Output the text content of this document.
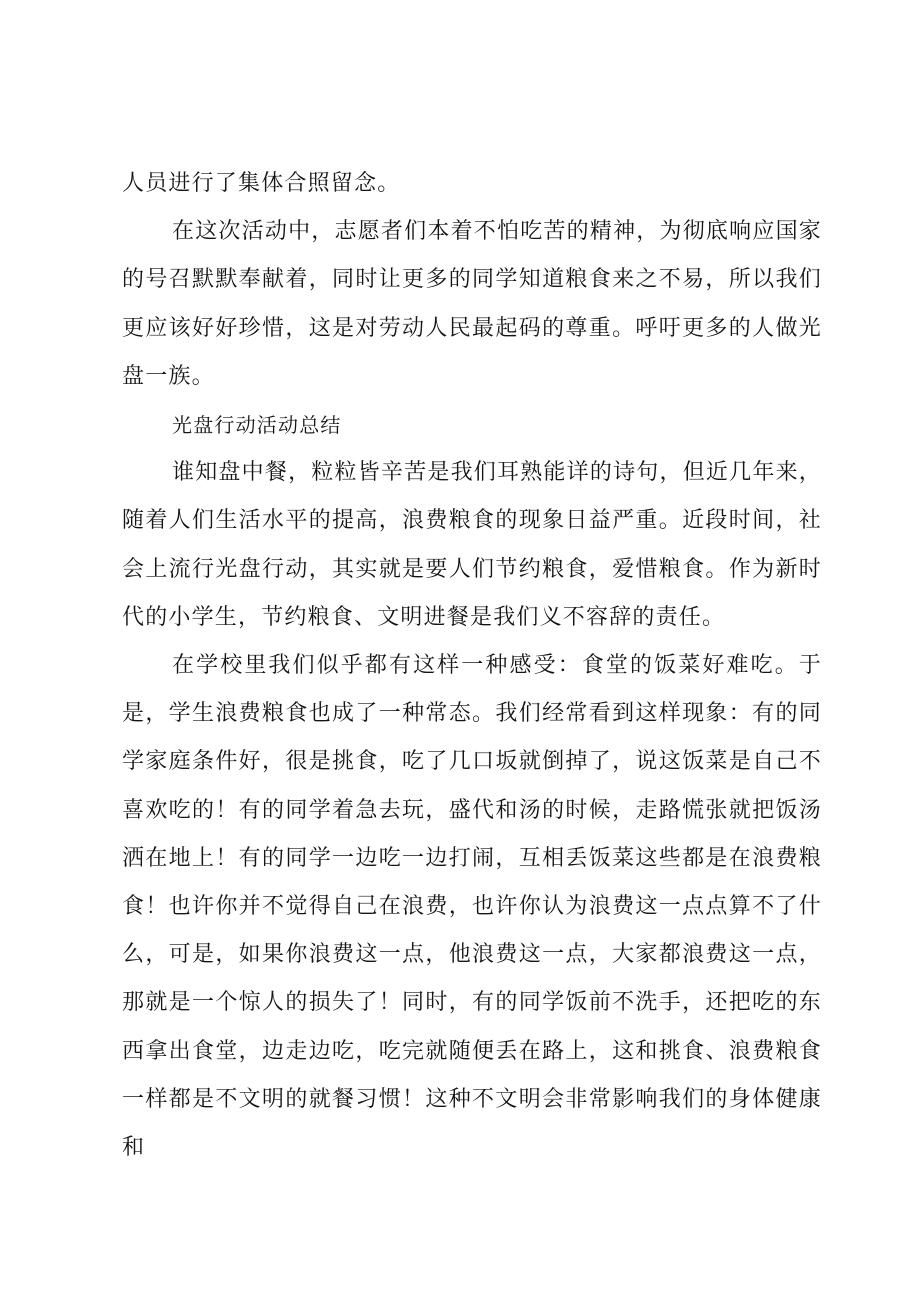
人员进行了集体合照留念。

在这次活动中，志愿者们本着不怕吃苦的精神，为彻底响应国家的号召默默奉献着，同时让更多的同学知道粮食来之不易，所以我们更应该好好珍惜，这是对劳动人民最起码的尊重。呼吁更多的人做光盘一族。

光盘行动活动总结

谁知盘中餐，粒粒皆辛苦是我们耳熟能详的诗句，但近几年来，随着人们生活水平的提高，浪费粮食的现象日益严重。近段时间，社会上流行光盘行动，其实就是要人们节约粮食，爱惜粮食。作为新时代的小学生，节约粮食、文明进餐是我们义不容辞的责任。

在学校里我们似乎都有这样一种感受：食堂的饭菜好难吃。于是，学生浪费粮食也成了一种常态。我们经常看到这样现象：有的同学家庭条件好，很是挑食，吃了几口坂就倒掉了，说这饭菜是自己不喜欢吃的！有的同学着急去玩，盛代和汤的时候，走路慌张就把饭汤洒在地上！有的同学一边吃一边打闹，互相丢饭菜这些都是在浪费粮食！也许你并不觉得自己在浪费，也许你认为浪费这一点点算不了什么，可是，如果你浪费这一点，他浪费这一点，大家都浪费这一点，那就是一个惊人的损失了！同时，有的同学饭前不洗手，还把吃的东西拿出食堂，边走边吃，吃完就随便丢在路上，这和挑食、浪费粮食一样都是不文明的就餐习惯！这种不文明会非常影响我们的身体健康和
